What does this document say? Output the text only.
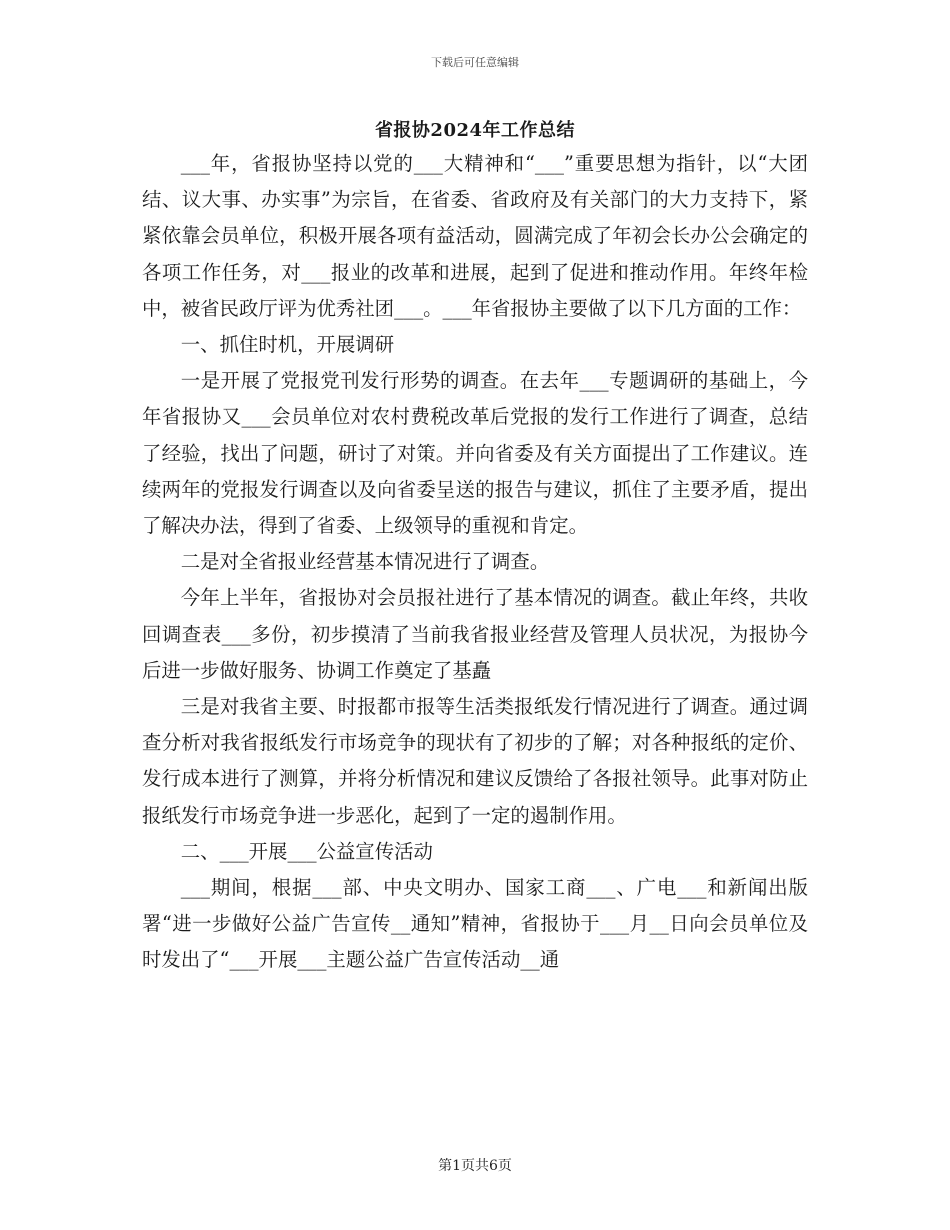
下载后可任意编辑
省报协2024年工作总结

___年，省报协坚持以党的___大精神和“___”重要思想为指针，以“大团结、议大事、办实事”为宗旨，在省委、省政府及有关部门的大力支持下，紧紧依靠会员单位，积极开展各项有益活动，圆满完成了年初会长办公会确定的各项工作任务，对___报业的改革和进展，起到了促进和推动作用。年终年检中，被省民政厅评为优秀社团___。___年省报协主要做了以下几方面的工作：

一、抓住时机，开展调研

一是开展了党报党刊发行形势的调查。在去年___专题调研的基础上，今年省报协又___会员单位对农村费税改革后党报的发行工作进行了调查，总结了经验，找出了问题，研讨了对策。并向省委及有关方面提出了工作建议。连续两年的党报发行调查以及向省委呈送的报告与建议，抓住了主要矛盾，提出了解决办法，得到了省委、上级领导的重视和肯定。

二是对全省报业经营基本情况进行了调查。

今年上半年，省报协对会员报社进行了基本情况的调查。截止年终，共收回调查表___多份，初步摸清了当前我省报业经营及管理人员状况，为报协今后进一步做好服务、协调工作奠定了基矗

三是对我省主要、时报都市报等生活类报纸发行情况进行了调查。通过调查分析对我省报纸发行市场竞争的现状有了初步的了解；对各种报纸的定价、发行成本进行了测算，并将分析情况和建议反馈给了各报社领导。此事对防止报纸发行市场竞争进一步恶化，起到了一定的遏制作用。

二、___开展___公益宣传活动

___期间，根据___部、中央文明办、国家工商___、广电___和新闻出版署“进一步做好公益广告宣传__通知”精神，省报协于___月__日向会员单位及时发出了“___开展___主题公益广告宣传活动__通

第1页共6页
